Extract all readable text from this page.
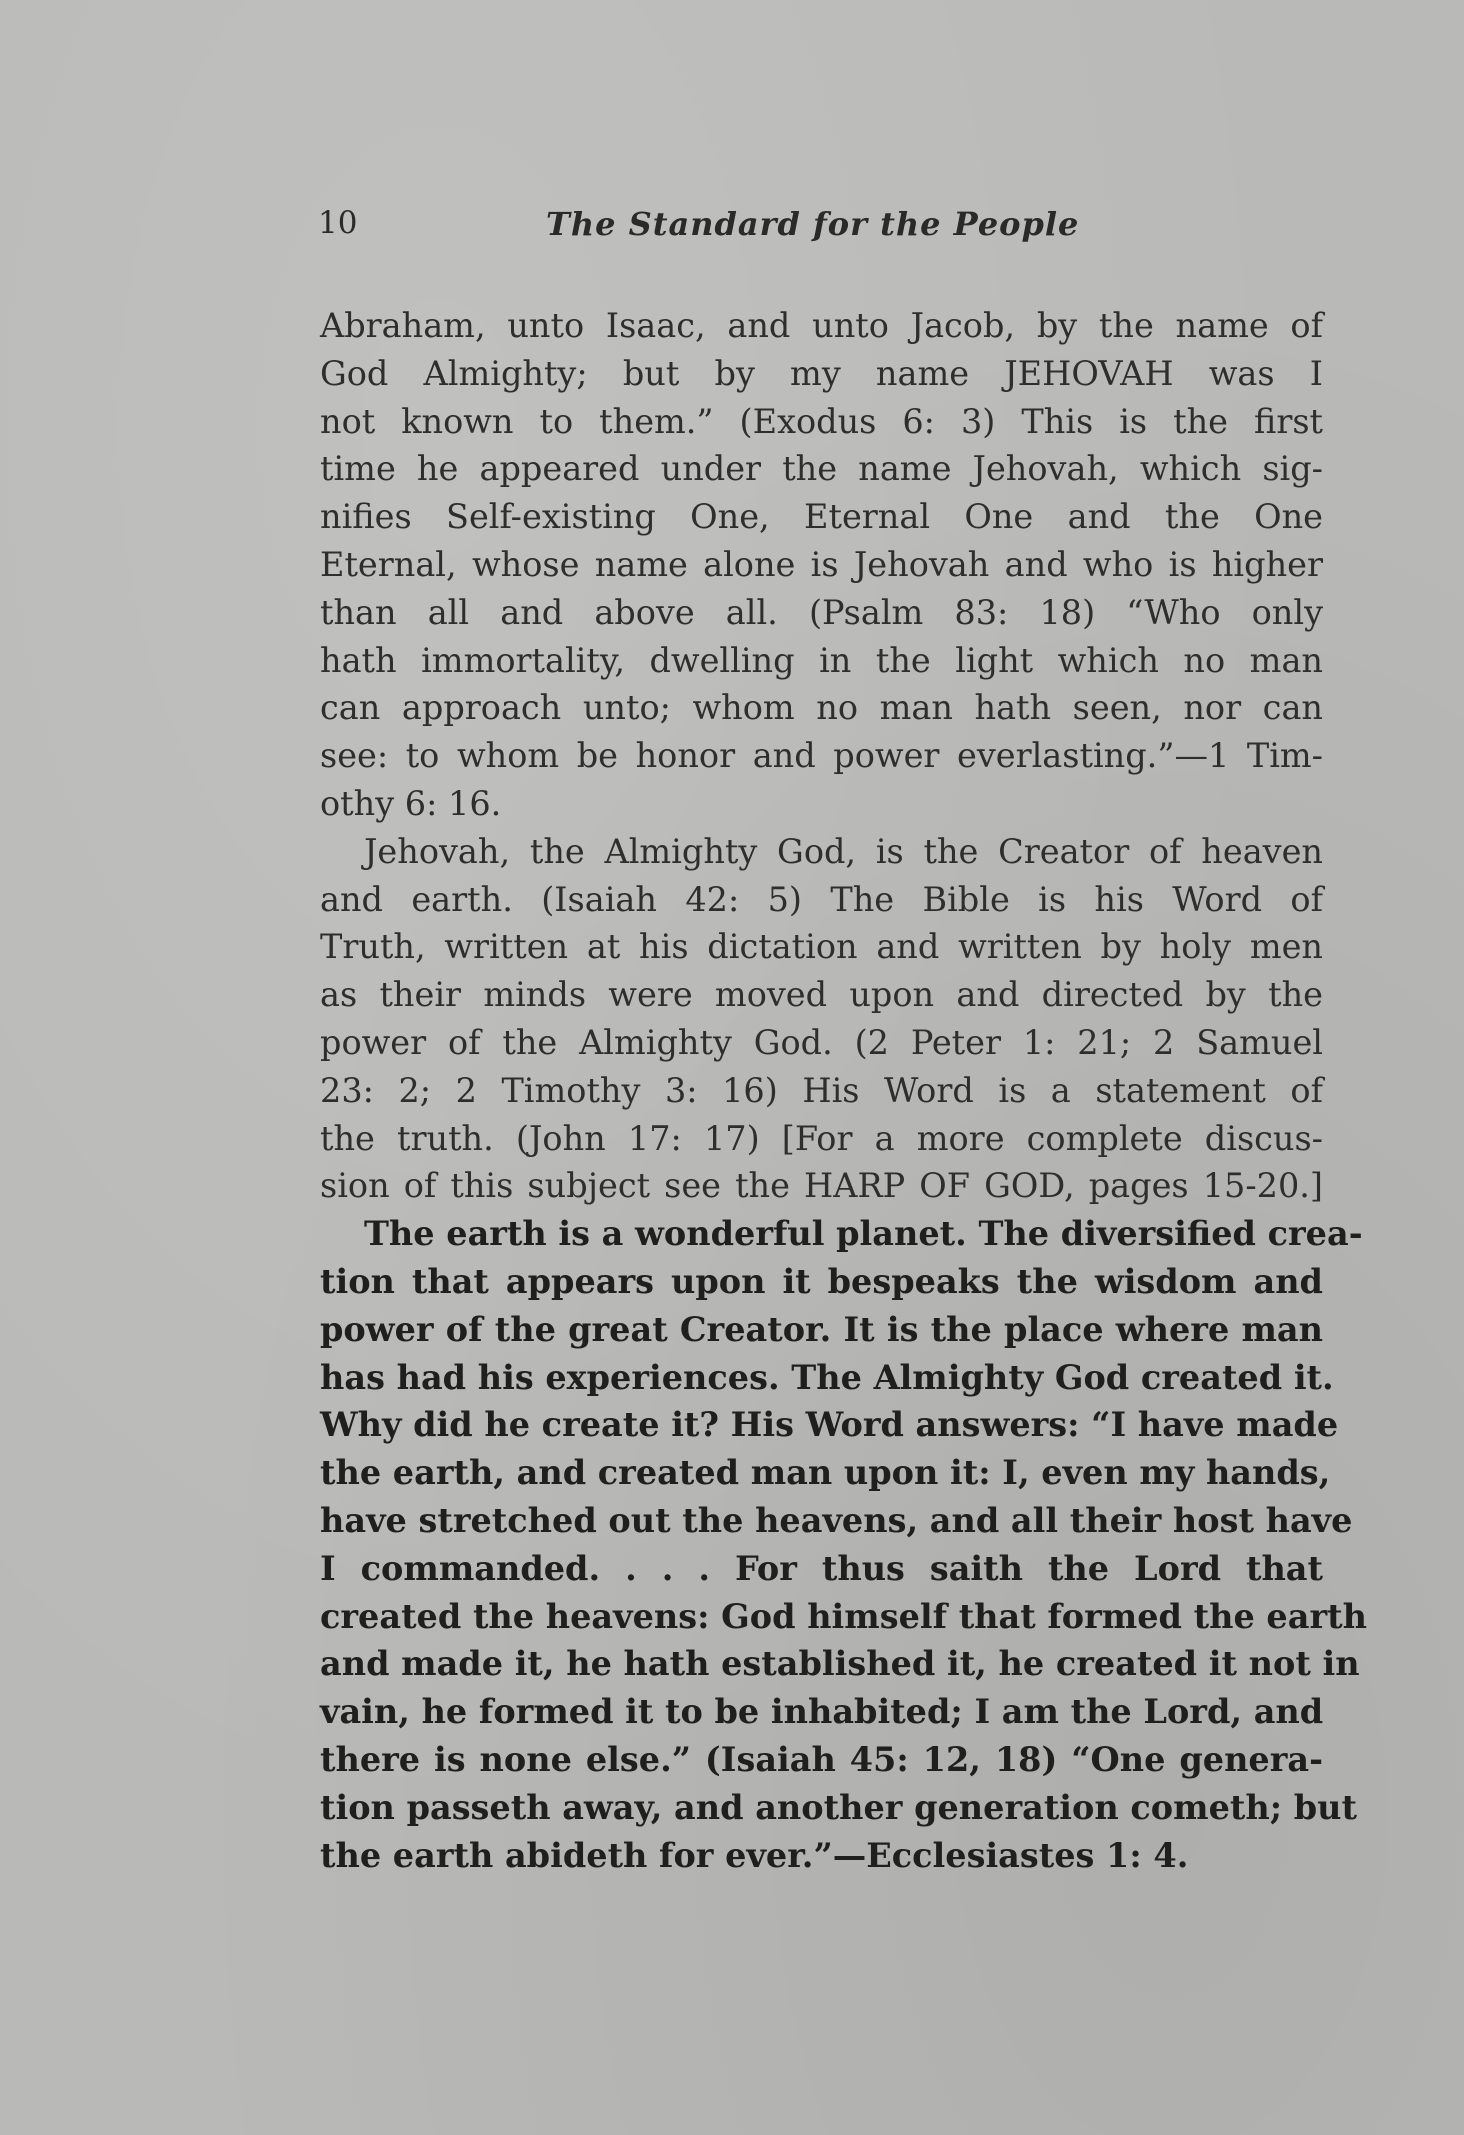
10	The Standard for the People
Abraham, unto Isaac, and unto Jacob, by the name of
God Almighty; but by my name JEHOVAH was I
not known to them.” (Exodus 6: 3) This is the first
time he appeared under the name Jehovah, which sig-
nifies Self-existing One, Eternal One and the One
Eternal, whose name alone is Jehovah and who is higher
than all and above all. (Psalm 83: 18) “Who only
hath immortality, dwelling in the light which no man
can approach unto; whom no man hath seen, nor can
see: to whom be honor and power everlasting.”—1 Tim-
othy 6: 16.
Jehovah, the Almighty God, is the Creator of heaven
and earth. (Isaiah 42: 5) The Bible is his Word of
Truth, written at his dictation and written by holy men
as their minds were moved upon and directed by the
power of the Almighty God. (2 Peter 1: 21; 2 Samuel
23: 2; 2 Timothy 3: 16) His Word is a statement of
the truth. (John 17: 17) [For a more complete discus-
sion of this subject see the HARP OF GOD, pages 15-20.]
The earth is a wonderful planet. The diversified crea-
tion that appears upon it bespeaks the wisdom and
power of the great Creator. It is the place where man
has had his experiences. The Almighty God created it.
Why did he create it? His Word answers: “I have made
the earth, and created man upon it: I, even my hands,
have stretched out the heavens, and all their host have
I commanded. . . . For thus saith the Lord that
created the heavens: God himself that formed the earth
and made it, he hath established it, he created it not in
vain, he formed it to be inhabited; I am the Lord, and
there is none else.” (Isaiah 45: 12, 18) “One genera-
tion passeth away, and another generation cometh; but
the earth abideth for ever.”—Ecclesiastes 1: 4.
